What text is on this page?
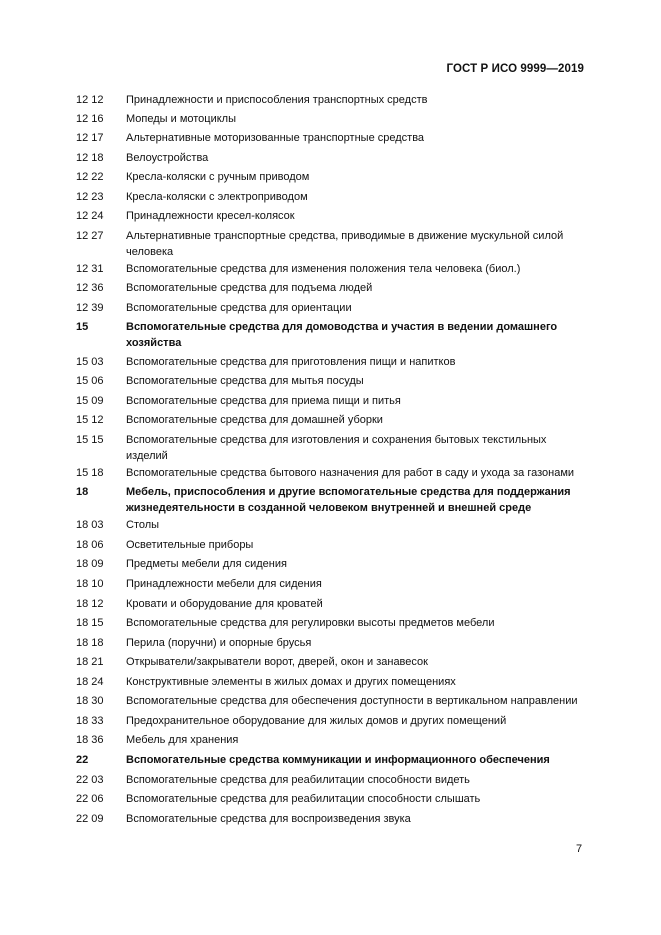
ГОСТ Р ИСО 9999—2019
12 12	Принадлежности и приспособления транспортных средств
12 16	Мопеды и мотоциклы
12 17	Альтернативные моторизованные транспортные средства
12 18	Велоустройства
12 22	Кресла-коляски с ручным приводом
12 23	Кресла-коляски с электроприводом
12 24	Принадлежности кресел-колясок
12 27	Альтернативные транспортные средства, приводимые в движение мускульной силой человека
12 31	Вспомогательные средства для изменения положения тела человека (биол.)
12 36	Вспомогательные средства для подъема людей
12 39	Вспомогательные средства для ориентации
15	Вспомогательные средства для домоводства и участия в ведении домашнего хозяйства
15 03	Вспомогательные средства для приготовления пищи и напитков
15 06	Вспомогательные средства для мытья посуды
15 09	Вспомогательные средства для приема пищи и питья
15 12	Вспомогательные средства для домашней уборки
15 15	Вспомогательные средства для изготовления и сохранения бытовых текстильных изделий
15 18	Вспомогательные средства бытового назначения для работ в саду и ухода за газонами
18	Мебель, приспособления и другие вспомогательные средства для поддержания жизнедеятельности в созданной человеком внутренней и внешней среде
18 03	Столы
18 06	Осветительные приборы
18 09	Предметы мебели для сидения
18 10	Принадлежности мебели для сидения
18 12	Кровати и оборудование для кроватей
18 15	Вспомогательные средства для регулировки высоты предметов мебели
18 18	Перила (поручни) и опорные брусья
18 21	Открыватели/закрыватели ворот, дверей, окон и занавесок
18 24	Конструктивные элементы в жилых домах и других помещениях
18 30	Вспомогательные средства для обеспечения доступности в вертикальном направлении
18 33	Предохранительное оборудование для жилых домов и других помещений
18 36	Мебель для хранения
22	Вспомогательные средства коммуникации и информационного обеспечения
22 03	Вспомогательные средства для реабилитации способности видеть
22 06	Вспомогательные средства для реабилитации способности слышать
22 09	Вспомогательные средства для воспроизведения звука
7
